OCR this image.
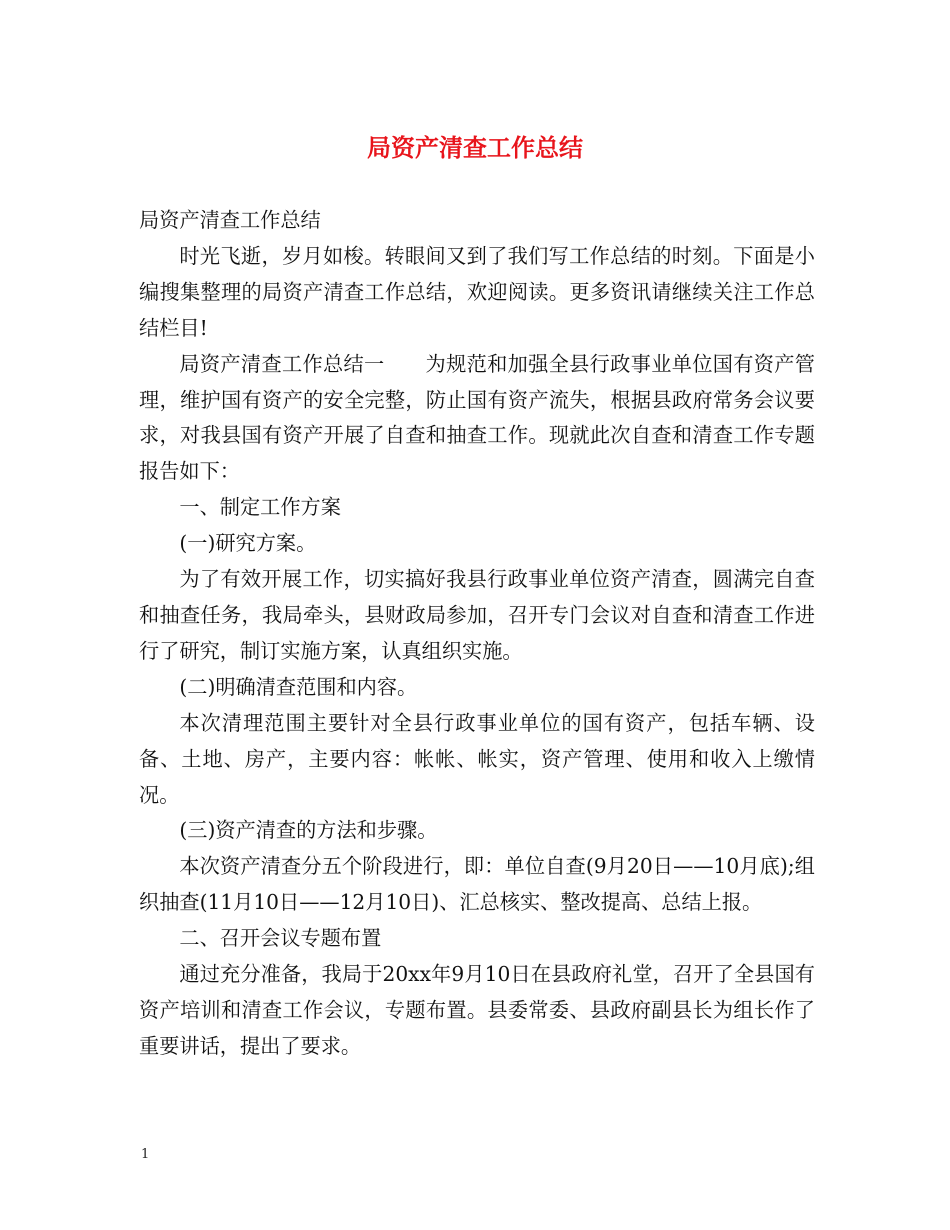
局资产清查工作总结

局资产清查工作总结

时光飞逝，岁月如梭。转眼间又到了我们写工作总结的时刻。下面是小编搜集整理的局资产清查工作总结，欢迎阅读。更多资讯请继续关注工作总结栏目!

局资产清查工作总结一　　为规范和加强全县行政事业单位国有资产管理，维护国有资产的安全完整，防止国有资产流失，根据县政府常务会议要求，对我县国有资产开展了自查和抽查工作。现就此次自查和清查工作专题报告如下：

一、制定工作方案

(一)研究方案。

为了有效开展工作，切实搞好我县行政事业单位资产清查，圆满完自查和抽查任务，我局牵头，县财政局参加，召开专门会议对自查和清查工作进行了研究，制订实施方案，认真组织实施。

(二)明确清查范围和内容。

本次清理范围主要针对全县行政事业单位的国有资产，包括车辆、设备、土地、房产，主要内容：帐帐、帐实，资产管理、使用和收入上缴情况。

(三)资产清查的方法和步骤。

本次资产清查分五个阶段进行，即：单位自查(9月20日——10月底);组织抽查(11月10日——12月10日)、汇总核实、整改提高、总结上报。

二、召开会议专题布置

通过充分准备，我局于20xx年9月10日在县政府礼堂，召开了全县国有资产培训和清查工作会议，专题布置。县委常委、县政府副县长为组长作了重要讲话，提出了要求。

1
